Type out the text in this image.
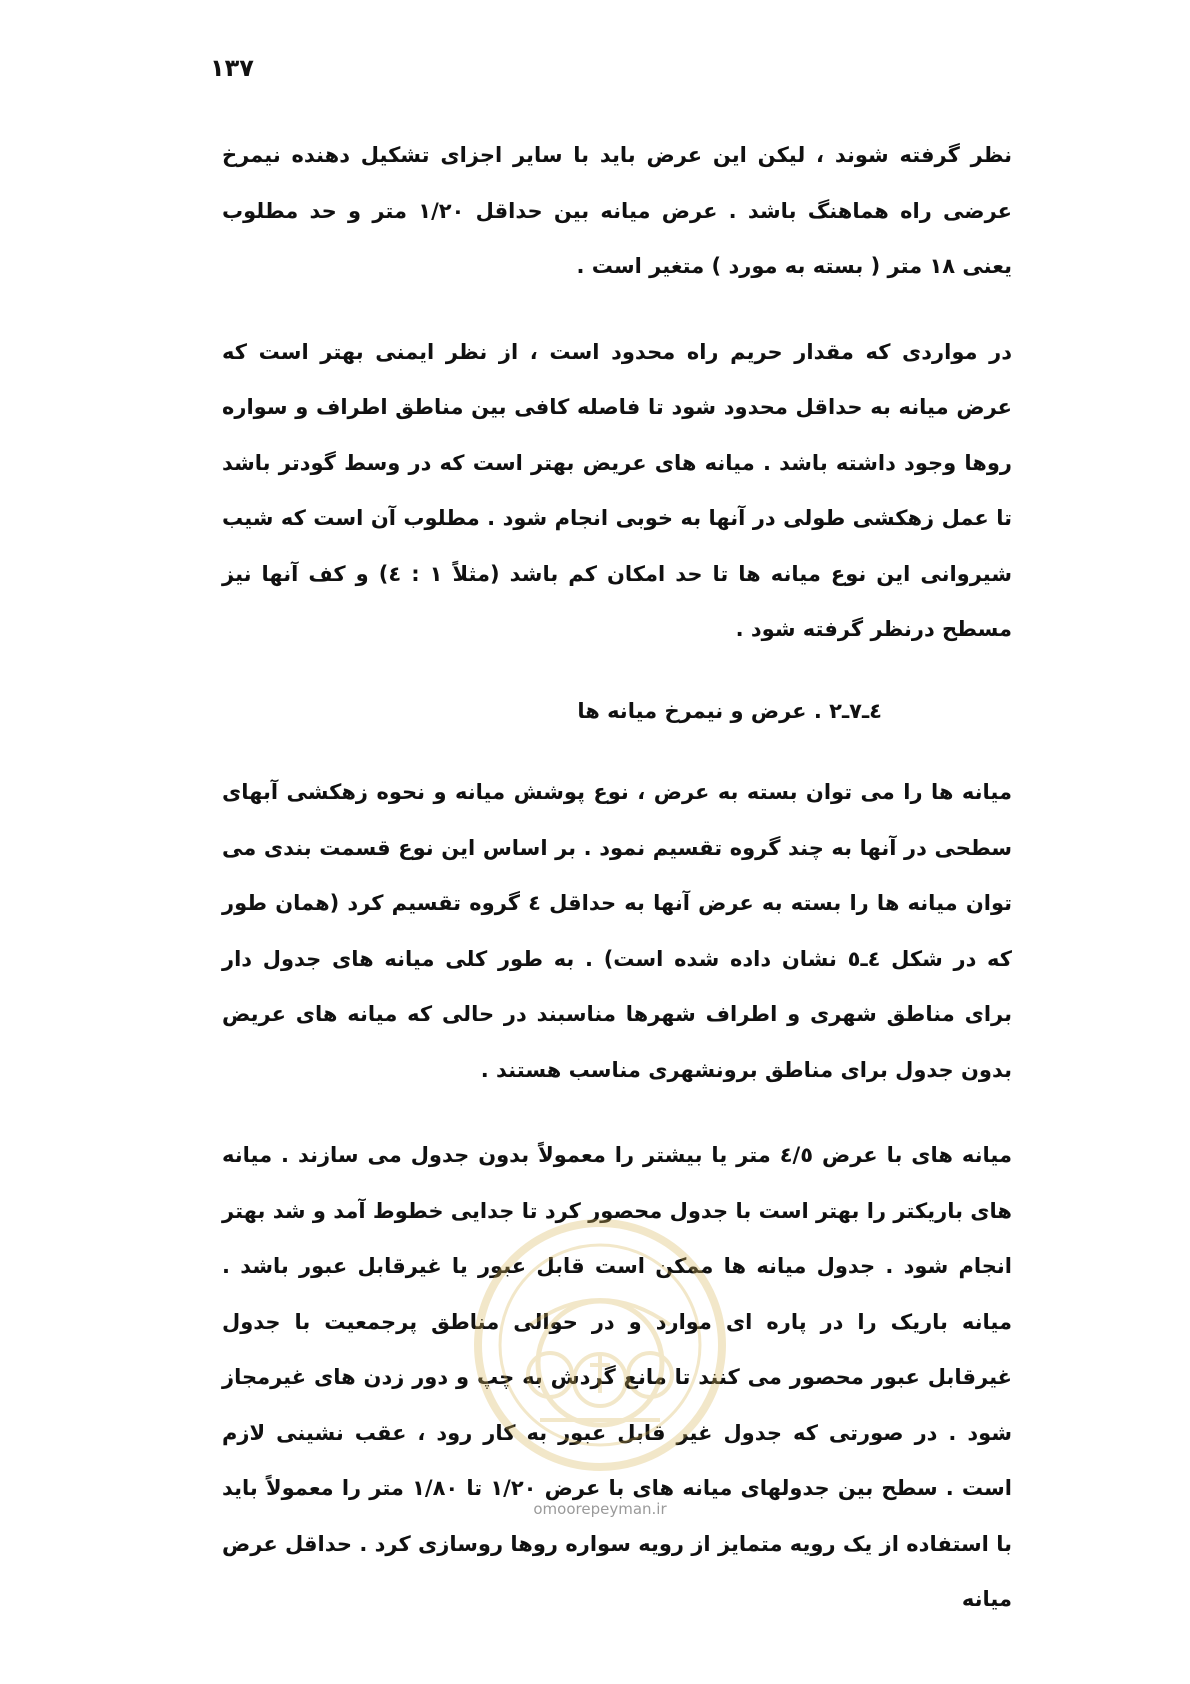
۱۳۷

نظر گرفته شوند ، لیکن این عرض باید با سایر اجزای تشکیل دهنده نیمرخ عرضی راه هماهنگ باشد . عرض میانه بین حداقل ۱/۲۰ متر و حد مطلوب یعنی ۱۸ متر ( بسته به مورد ) متغیر است .

در مواردی که مقدار حریم راه محدود است ، از نظر ایمنی بهتر است که عرض میانه به حداقل محدود شود تا فاصله کافی بین مناطق اطراف و سواره روها وجود داشته باشد . میانه های عریض بهتر است که در وسط گودتر باشد تا عمل زهکشی طولی در آنها به خوبی انجام شود . مطلوب آن است که شیب شیروانی این نوع میانه ها تا حد امکان کم باشد (مثلاً ۱ : ٤) و کف آنها نیز مسطح درنظر گرفته شود .

٤ـ٧ـ٢ . عرض و نیمرخ میانه ها

میانه ها را می توان بسته به عرض ، نوع پوشش میانه و نحوه زهکشی آبهای سطحی در آنها به چند گروه تقسیم نمود . بر اساس این نوع قسمت بندی می توان میانه ها را بسته به عرض آنها به حداقل ٤ گروه تقسیم کرد (همان طور که در شکل ٤ـ٥ نشان داده شده است) . به طور کلی میانه های جدول دار برای مناطق شهری و اطراف شهرها مناسبند در حالی که میانه های عریض بدون جدول برای مناطق برونشهری مناسب هستند .

میانه های با عرض ٤/٥ متر یا بیشتر را معمولاً بدون جدول می سازند . میانه های باریکتر را بهتر است با جدول محصور کرد تا جدایی خطوط آمد و شد بهتر انجام شود . جدول میانه ها ممکن است قابل عبور یا غیرقابل عبور باشد . میانه باریک را در پاره ای موارد و در حوالی مناطق پرجمعیت با جدول غیرقابل عبور محصور می کنند تا مانع گردش به چپ و دور زدن های غیرمجاز شود . در صورتی که جدول غیر قابل عبور به کار رود ، عقب نشینی لازم است . سطح بین جدولهای میانه های با عرض ۱/۲۰ تا ۱/۸۰ متر را معمولاً باید با استفاده از یک رویه متمایز از رویه سواره روها روسازی کرد . حداقل عرض میانه

omoorepeyman.ir
